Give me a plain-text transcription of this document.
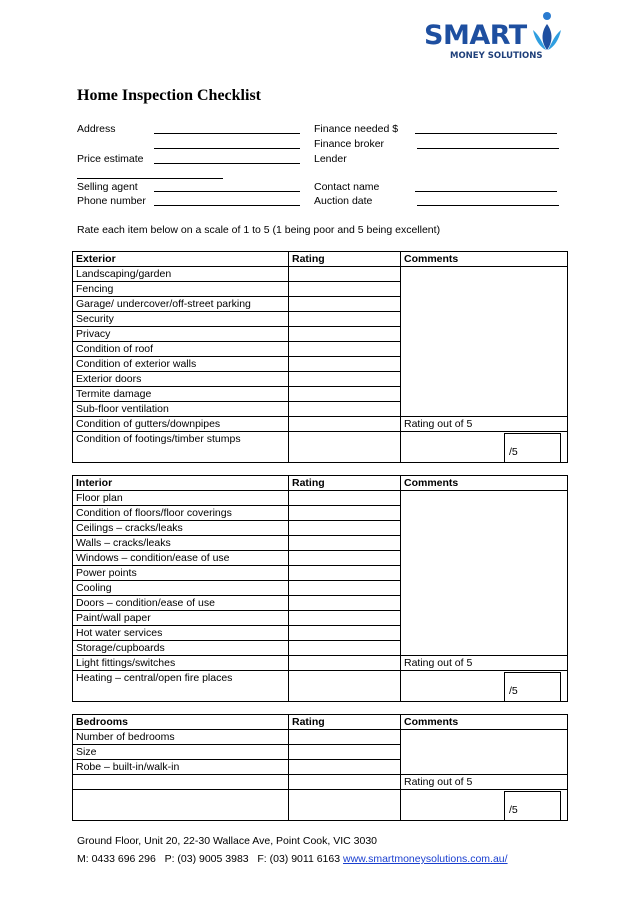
SMART
MONEY SOLUTIONS
Home Inspection Checklist
Address	Finance needed $
Finance broker
Price estimate	Lender
Selling agent	Contact name
Phone number	Auction date
Rate each item below on a scale of 1 to 5 (1 being poor and 5 being excellent)
Exterior	Rating	Comments
Landscaping/garden		
Fencing		
Garage/ undercover/off-street parking		
Security		
Privacy		
Condition of roof		
Condition of exterior walls		
Exterior doors		
Termite damage		
Sub-floor ventilation		
Condition of gutters/downpipes		Rating out of 5
Condition of footings/timber stumps		/5
Interior	Rating	Comments
Floor plan		
Condition of floors/floor coverings		
Ceilings – cracks/leaks		
Walls – cracks/leaks		
Windows – condition/ease of use		
Power points		
Cooling		
Doors – condition/ease of use		
Paint/wall paper		
Hot water services		
Storage/cupboards		
Light fittings/switches		Rating out of 5
Heating – central/open fire places		/5
Bedrooms	Rating	Comments
Number of bedrooms		
Size		
Robe – built-in/walk-in		
		Rating out of 5

		/5
Ground Floor, Unit 20, 22-30 Wallace Ave, Point Cook, VIC 3030
M: 0433 696 296   P: (03) 9005 3983   F: (03) 9011 6163 www.smartmoneysolutions.com.au/
